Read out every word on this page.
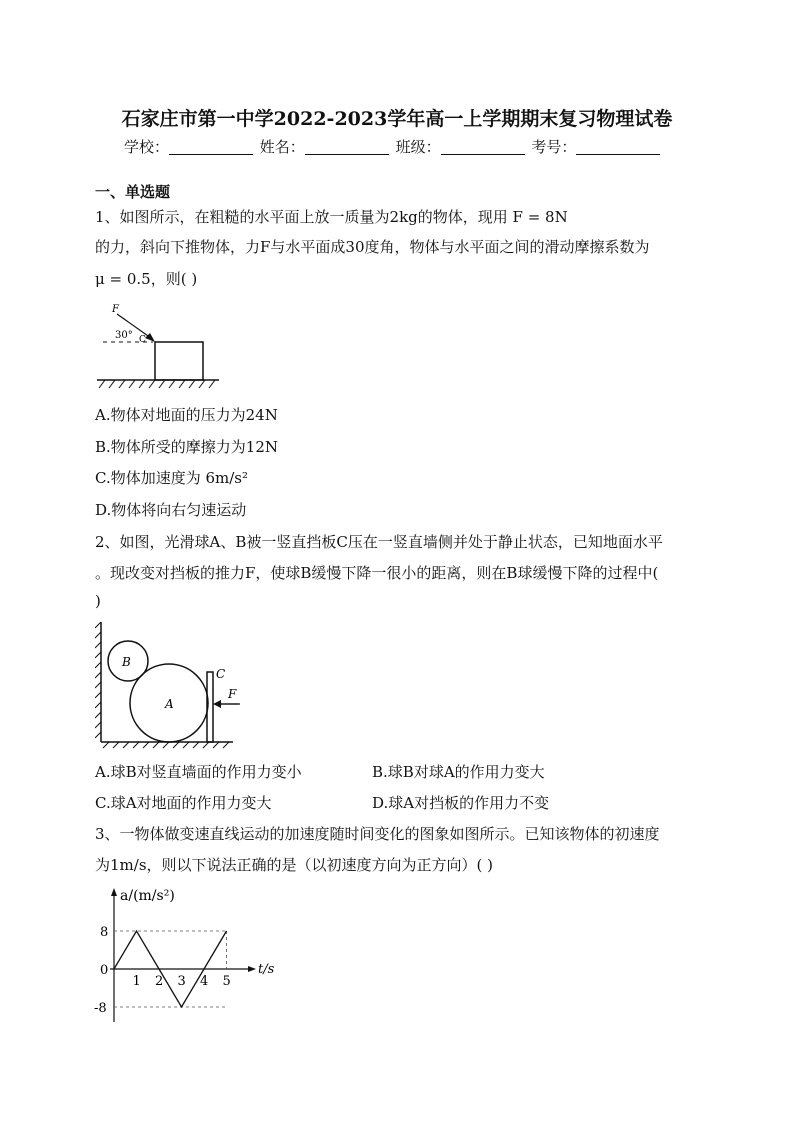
石家庄市第一中学2022-2023学年高一上学期期末复习物理试卷
学校：	姓名：	班级：	考号：
一、单选题
1、如图所示，在粗糙的水平面上放一质量为2kg的物体，现用 F = 8N
的力，斜向下推物体，力F与水平面成30度角，物体与水平面之间的滑动摩擦系数为
μ = 0.5，则( )
F
30° C
A.物体对地面的压力为24N
B.物体所受的摩擦力为12N
C.物体加速度为 6m/s²
D.物体将向右匀速运动
2、如图，光滑球A、B被一竖直挡板C压在一竖直墙侧并处于静止状态，已知地面水平
。现改变对挡板的推力F，使球B缓慢下降一很小的距离，则在B球缓慢下降的过程中(
)
B
A
C
F
A.球B对竖直墙面的作用力变小	B.球B对球A的作用力变大
C.球A对地面的作用力变大	D.球A对挡板的作用力不变
3、一物体做变速直线运动的加速度随时间变化的图象如图所示。已知该物体的初速度
为1m/s，则以下说法正确的是（以初速度方向为正方向）( )
1 2 3 4 5
8
0
-8
t/s
a/(m/s²)
